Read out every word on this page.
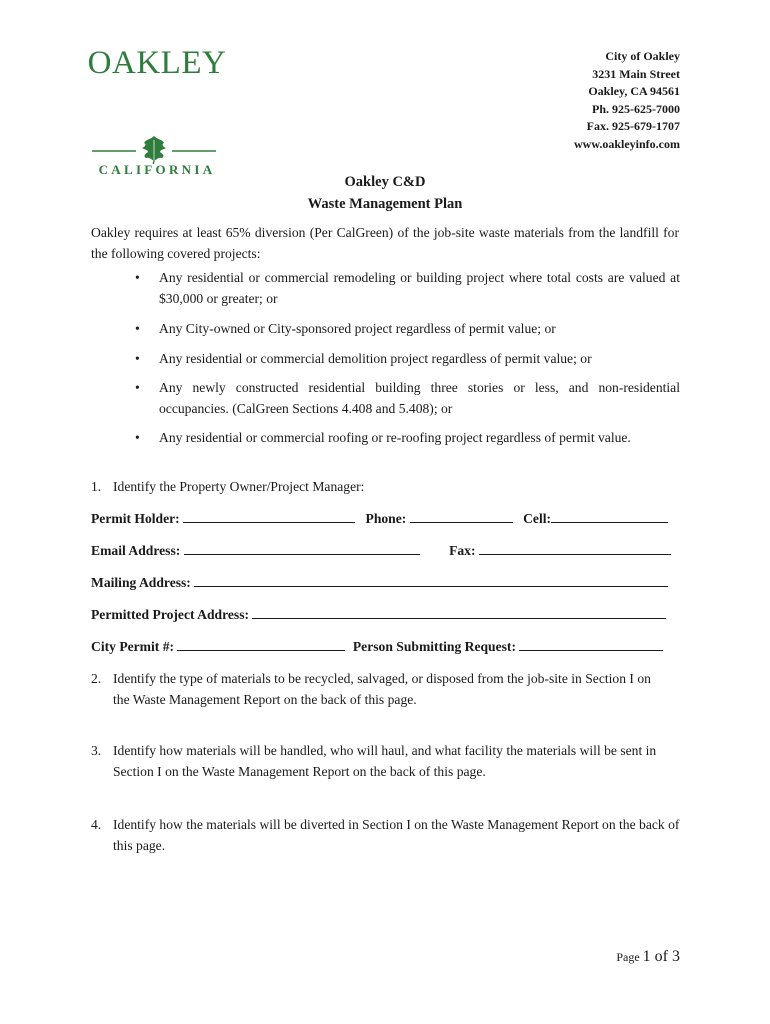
OAKLEY
CALIFORNIA
City of Oakley
3231 Main Street
Oakley, CA 94561
Ph. 925-625-7000
Fax. 925-679-1707
www.oakleyinfo.com
Oakley C&D
Waste Management Plan
Oakley requires at least 65% diversion (Per CalGreen) of the job-site waste materials from the landfill for the following covered projects:
• Any residential or commercial remodeling or building project where total costs are valued at $30,000 or greater; or
• Any City-owned or City-sponsored project regardless of permit value; or
• Any residential or commercial demolition project regardless of permit value; or
• Any newly constructed residential building three stories or less, and non-residential occupancies. (CalGreen Sections 4.408 and 5.408); or
• Any residential or commercial roofing or re-roofing project regardless of permit value.
1. Identify the Property Owner/Project Manager:
Permit Holder:	Phone:	Cell:
Email Address:	Fax:
Mailing Address:
Permitted Project Address:
City Permit #:	Person Submitting Request:
2. Identify the type of materials to be recycled, salvaged, or disposed from the job-site in Section I on the Waste Management Report on the back of this page.
3. Identify how materials will be handled, who will haul, and what facility the materials will be sent in Section I on the Waste Management Report on the back of this page.
4. Identify how the materials will be diverted in Section I on the Waste Management Report on the back of this page.
Page 1 of 3
